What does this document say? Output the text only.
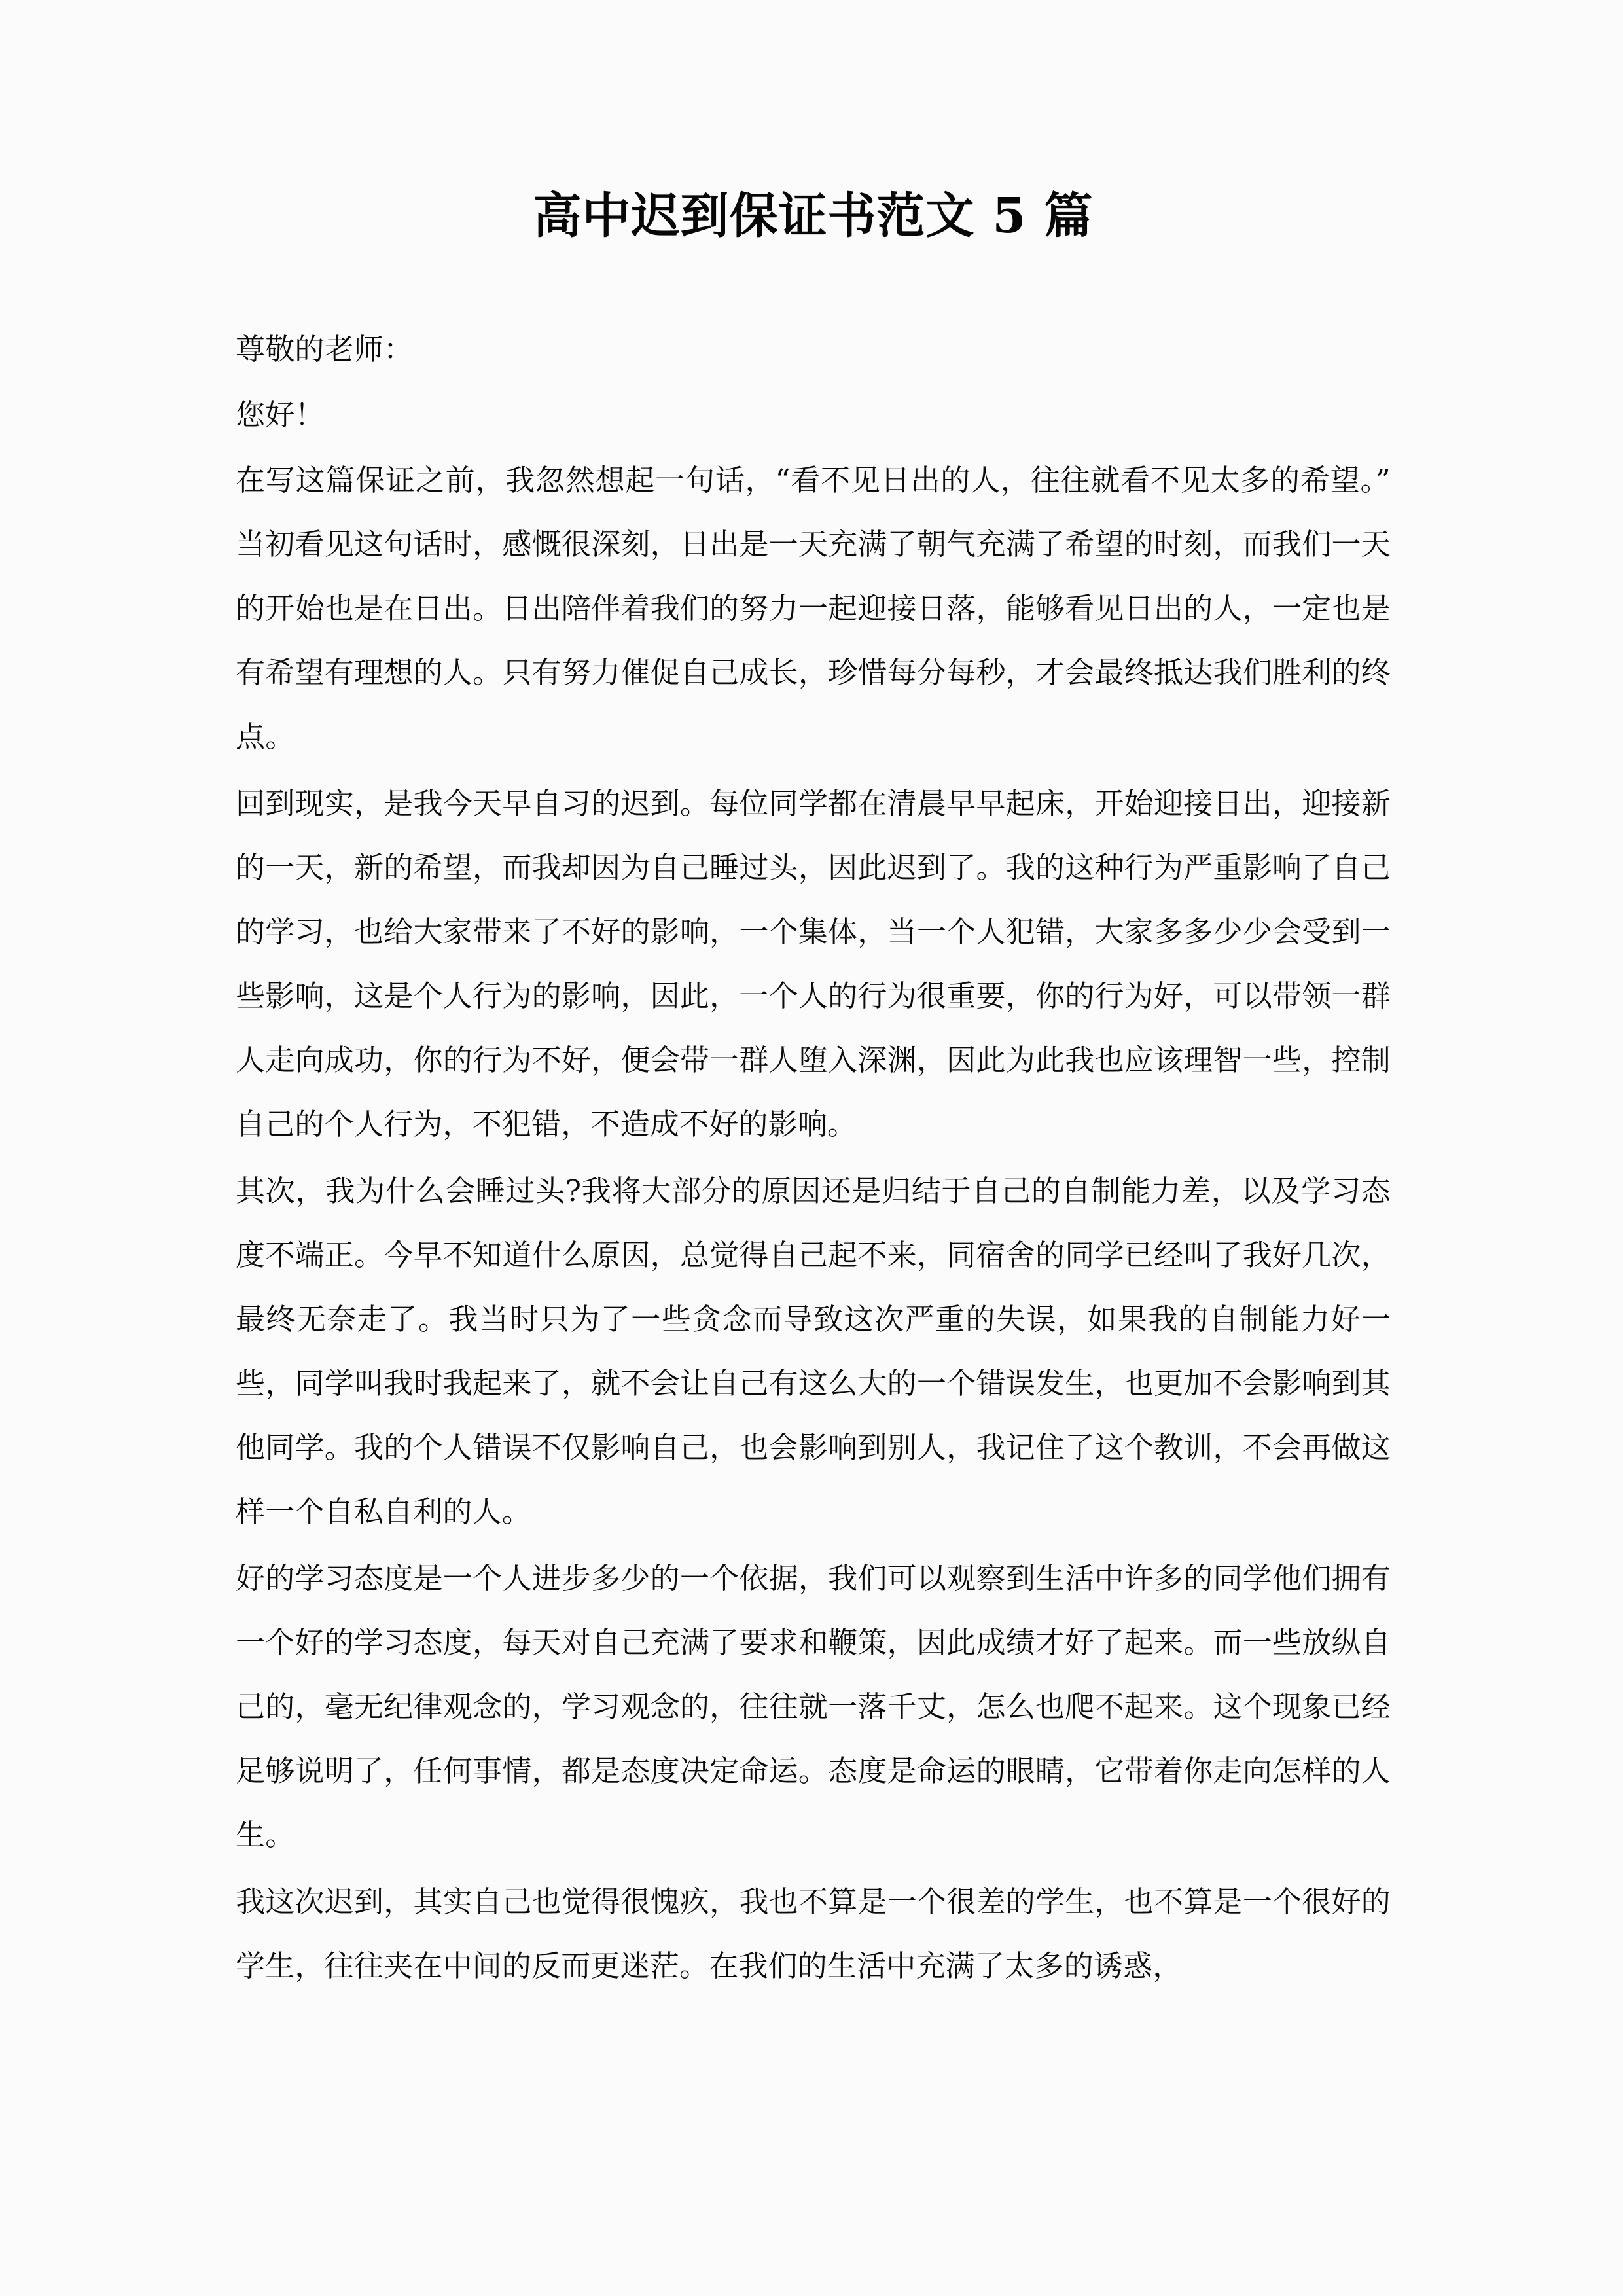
高中迟到保证书范文 5 篇

尊敬的老师：

您好！

在写这篇保证之前，我忽然想起一句话，“看不见日出的人，往往就看不见太多的希望。”当初看见这句话时，感慨很深刻，日出是一天充满了朝气充满了希望的时刻，而我们一天的开始也是在日出。日出陪伴着我们的努力一起迎接日落，能够看见日出的人，一定也是有希望有理想的人。只有努力催促自己成长，珍惜每分每秒，才会最终抵达我们胜利的终点。

回到现实，是我今天早自习的迟到。每位同学都在清晨早早起床，开始迎接日出，迎接新的一天，新的希望，而我却因为自己睡过头，因此迟到了。我的这种行为严重影响了自己的学习，也给大家带来了不好的影响，一个集体，当一个人犯错，大家多多少少会受到一些影响，这是个人行为的影响，因此，一个人的行为很重要，你的行为好，可以带领一群人走向成功，你的行为不好，便会带一群人堕入深渊，因此为此我也应该理智一些，控制自己的个人行为，不犯错，不造成不好的影响。

其次，我为什么会睡过头?我将大部分的原因还是归结于自己的自制能力差，以及学习态度不端正。今早不知道什么原因，总觉得自己起不来，同宿舍的同学已经叫了我好几次，最终无奈走了。我当时只为了一些贪念而导致这次严重的失误，如果我的自制能力好一些，同学叫我时我起来了，就不会让自己有这么大的一个错误发生，也更加不会影响到其他同学。我的个人错误不仅影响自己，也会影响到别人，我记住了这个教训，不会再做这样一个自私自利的人。

好的学习态度是一个人进步多少的一个依据，我们可以观察到生活中许多的同学他们拥有一个好的学习态度，每天对自己充满了要求和鞭策，因此成绩才好了起来。而一些放纵自己的，毫无纪律观念的，学习观念的，往往就一落千丈，怎么也爬不起来。这个现象已经足够说明了，任何事情，都是态度决定命运。态度是命运的眼睛，它带着你走向怎样的人生。

我这次迟到，其实自己也觉得很愧疚，我也不算是一个很差的学生，也不算是一个很好的学生，往往夹在中间的反而更迷茫。在我们的生活中充满了太多的诱惑，
